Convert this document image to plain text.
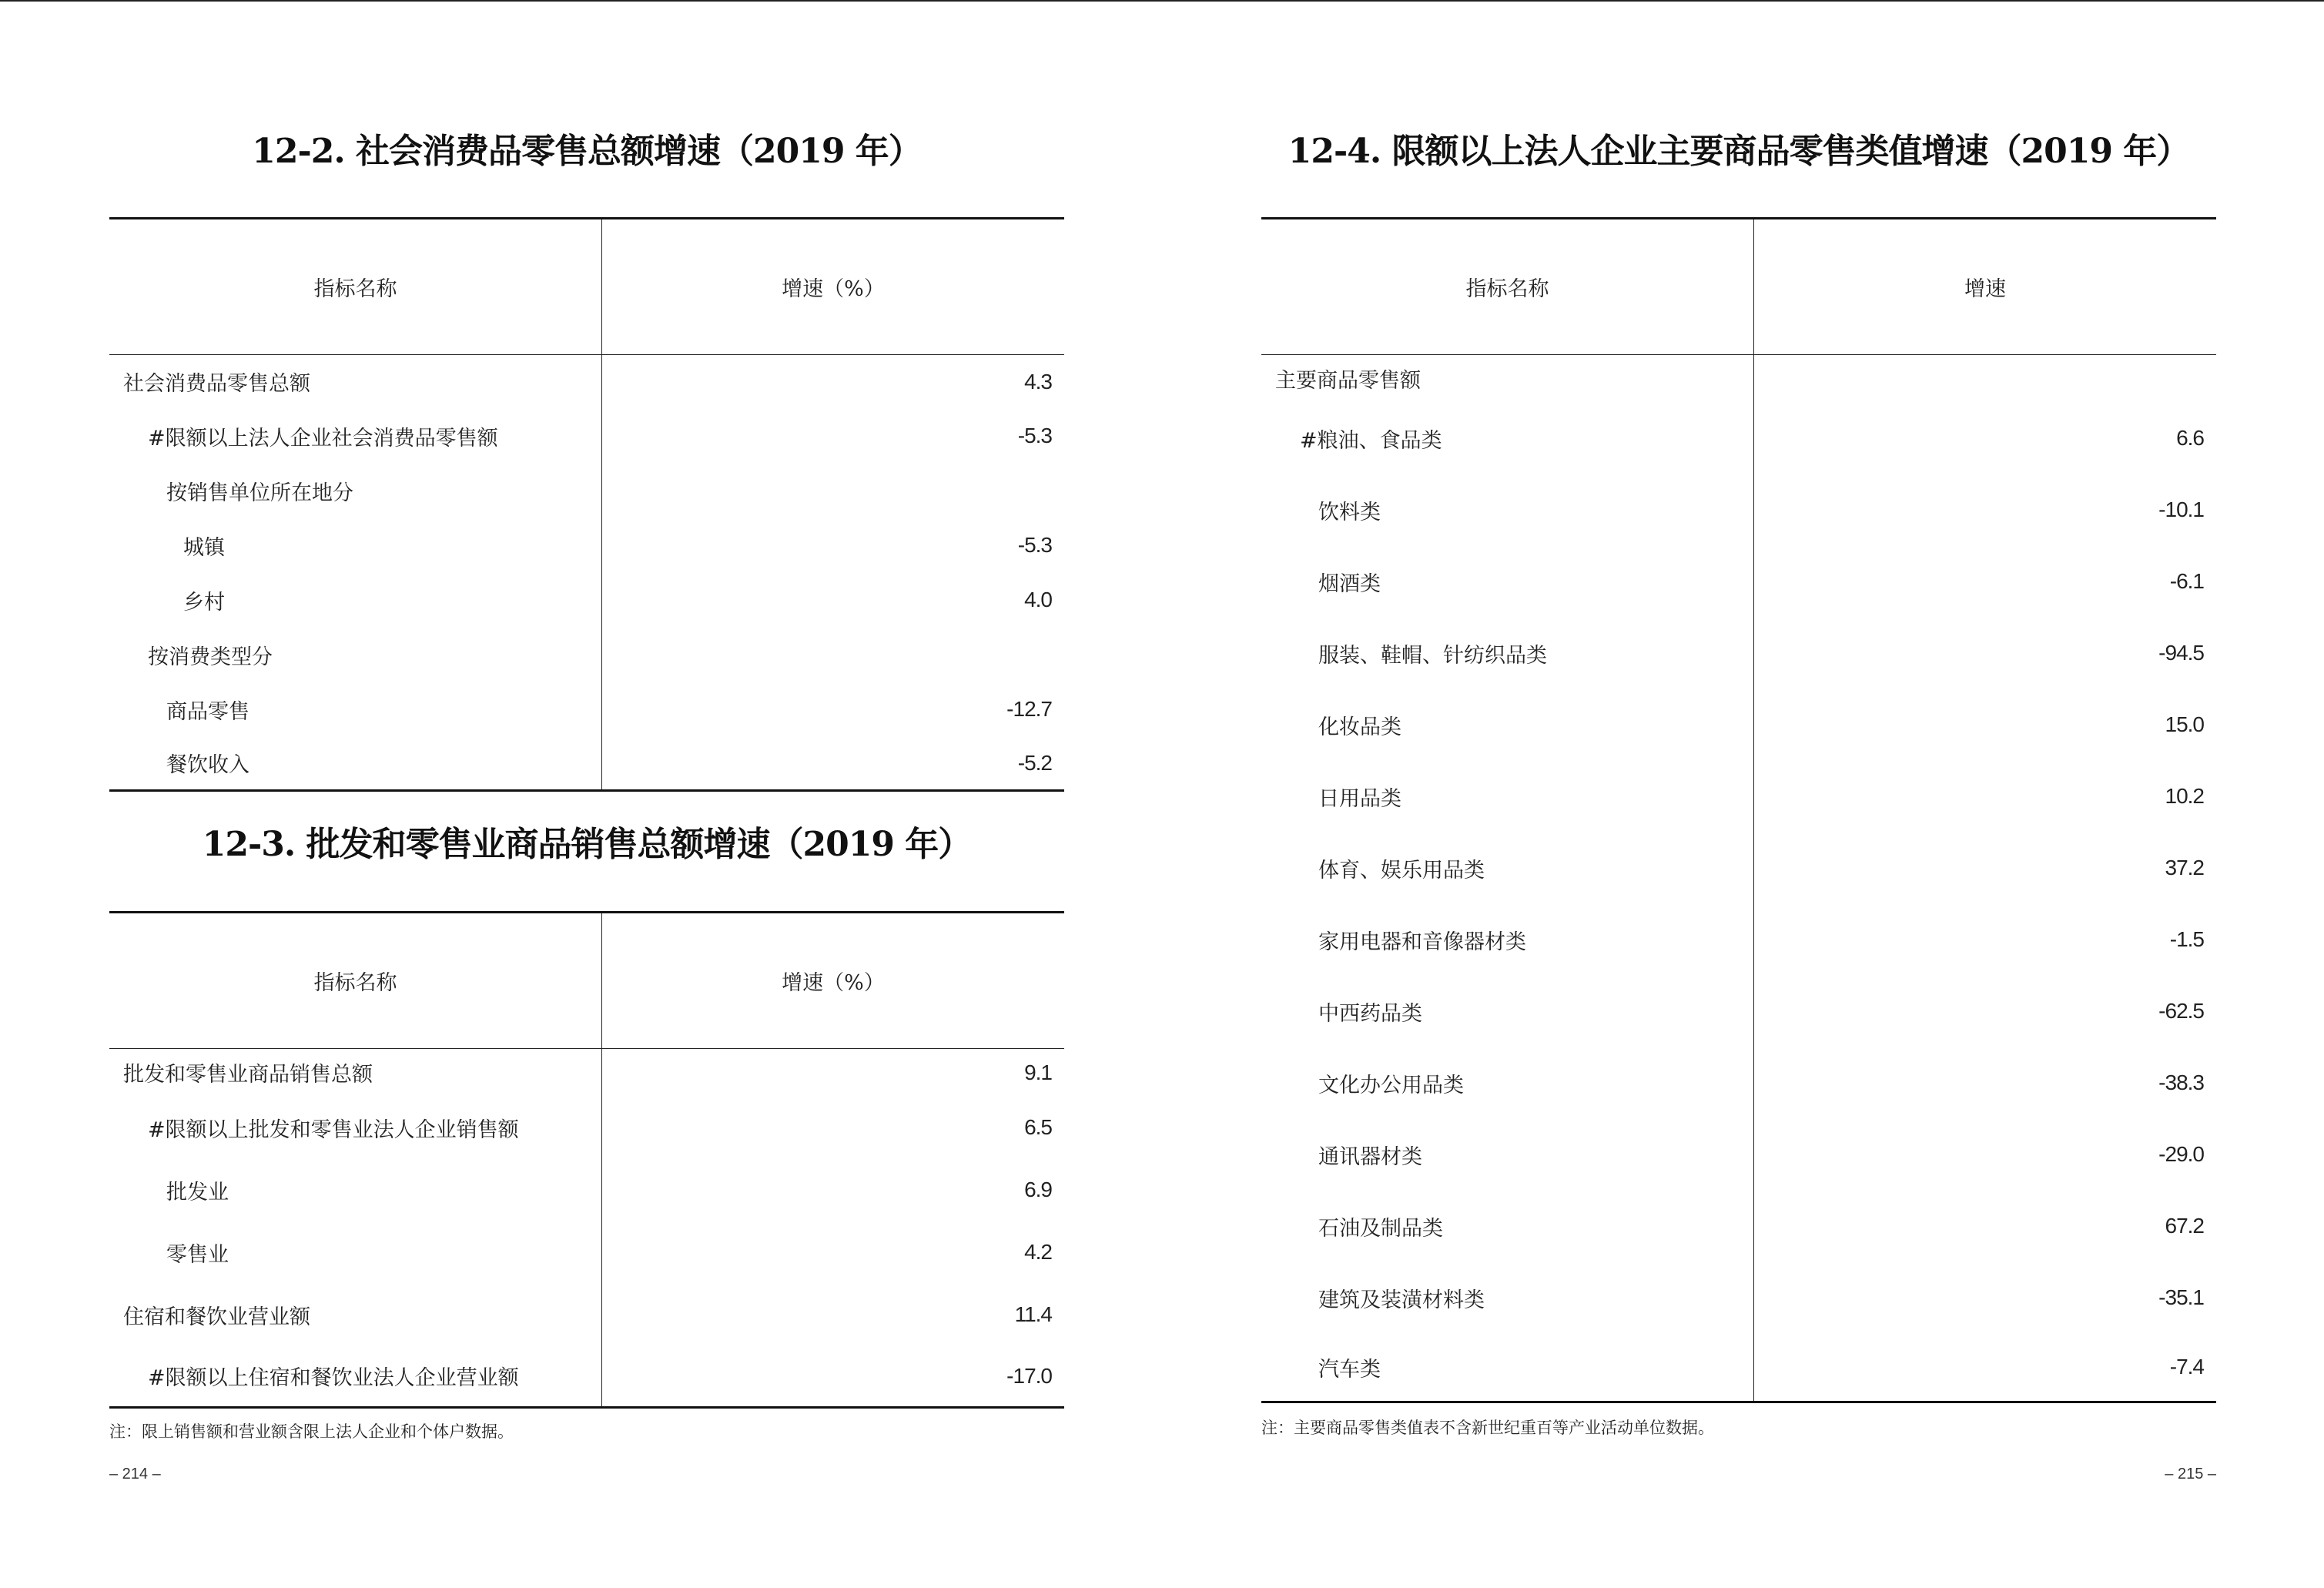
12-2. 社会消费品零售总额增速（2019 年）
指标名称	增速（%）
社会消费品零售总额	4.3
#限额以上法人企业社会消费品零售额	-5.3
按销售单位所在地分	
城镇	-5.3
乡村	4.0
按消费类型分	
商品零售	-12.7
餐饮收入	-5.2
12-3. 批发和零售业商品销售总额增速（2019 年）
指标名称	增速（%）
批发和零售业商品销售总额	9.1
#限额以上批发和零售业法人企业销售额	6.5
批发业	6.9
零售业	4.2
住宿和餐饮业营业额	11.4
#限额以上住宿和餐饮业法人企业营业额	-17.0
注：限上销售额和营业额含限上法人企业和个体户数据。
– 214 –
12-4. 限额以上法人企业主要商品零售类值增速（2019 年）
指标名称	增速
主要商品零售额	
#粮油、食品类	6.6
饮料类	-10.1
烟酒类	-6.1
服装、鞋帽、针纺织品类	-94.5
化妆品类	15.0
日用品类	10.2
体育、娱乐用品类	37.2
家用电器和音像器材类	-1.5
中西药品类	-62.5
文化办公用品类	-38.3
通讯器材类	-29.0
石油及制品类	67.2
建筑及装潢材料类	-35.1
汽车类	-7.4
注：主要商品零售类值表不含新世纪重百等产业活动单位数据。
– 215 –
